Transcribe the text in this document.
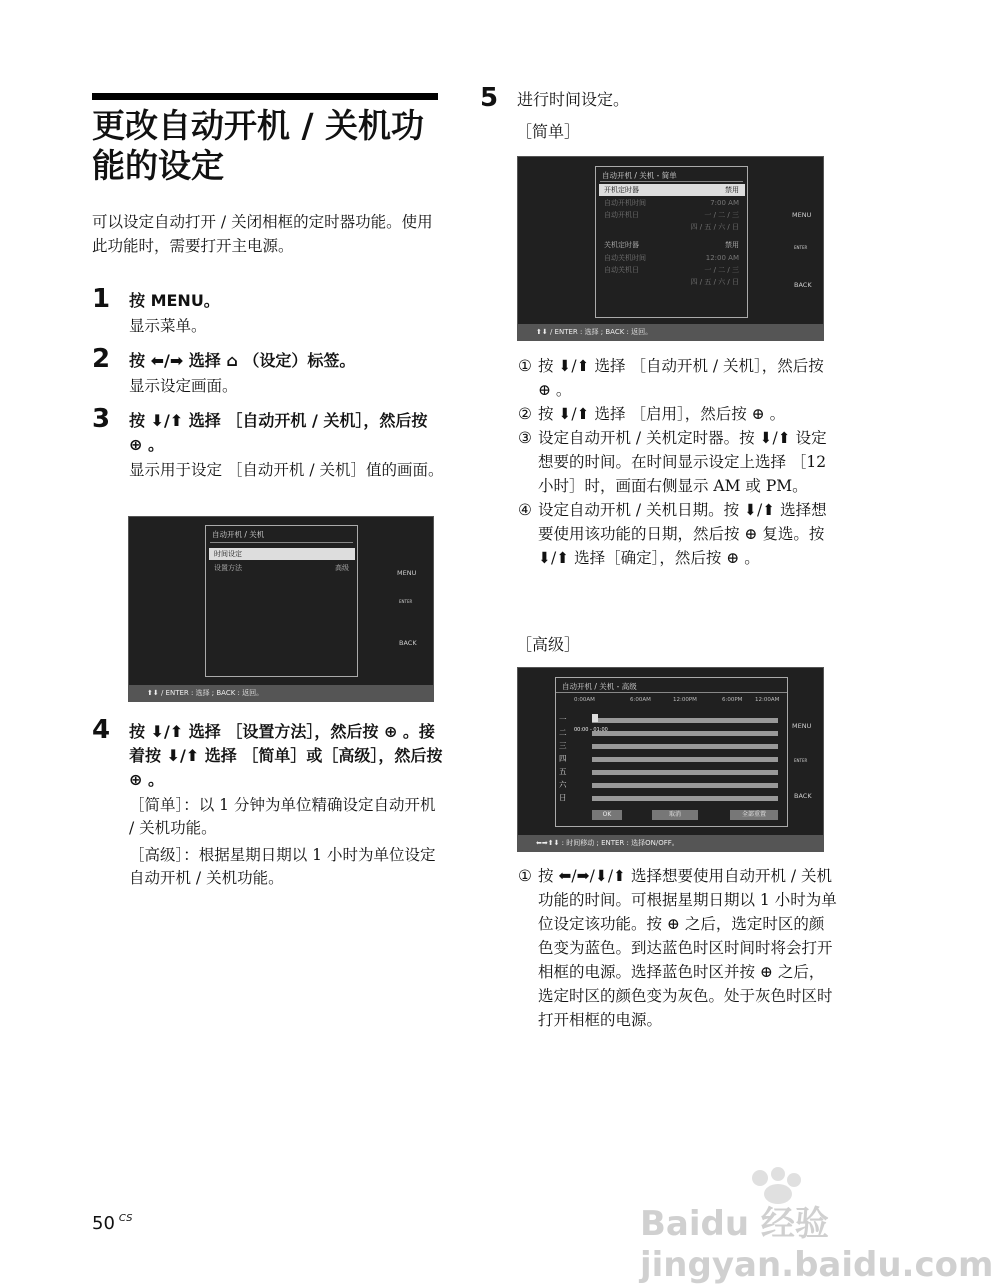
更改自动开机 / 关机功能的设定
可以设定自动打开 / 关闭相框的定时器功能。使用此功能时，需要打开主电源。
1 按 MENU。
显示菜单。
2 按 ⬅/➡ 选择 ⌂ （设定）标签。
显示设定画面。
3 按 ⬇/⬆ 选择 ［自动开机 / 关机］，然后按 ⊕ 。
显示用于设定 ［自动开机 / 关机］值的画面。
自动开机 / 关机
时间设定
设置方法	高级
MENU
ENTER
BACK
⬆⬇ / ENTER : 选择 ; BACK : 返回。
4 按 ⬇/⬆ 选择 ［设置方法］，然后按 ⊕ 。接着按 ⬇/⬆ 选择 ［简单］或［高级］，然后按 ⊕ 。
［简单］：以 1 分钟为单位精确设定自动开机 / 关机功能。
［高级］：根据星期日期以 1 小时为单位设定自动开机 / 关机功能。
5 进行时间设定。
［简单］
自动开机 / 关机 - 简单
开机定时器	禁用
自动开机时间	7:00 AM
自动开机日	一 / 二 / 三
四 / 五 / 六 / 日
关机定时器	禁用
自动关机时间	12:00 AM
自动关机日	一 / 二 / 三
四 / 五 / 六 / 日
MENU
ENTER
BACK
⬆⬇ / ENTER : 选择 ; BACK : 返回。
① 按 ⬇/⬆ 选择 ［自动开机 / 关机］，然后按 ⊕ 。
② 按 ⬇/⬆ 选择 ［启用］，然后按 ⊕ 。
③ 设定自动开机 / 关机定时器。按 ⬇/⬆ 设定想要的时间。在时间显示设定上选择 ［12 小时］时，画面右侧显示 AM 或 PM。
④ 设定自动开机 / 关机日期。按 ⬇/⬆ 选择想要使用该功能的日期，然后按 ⊕ 复选。按 ⬇/⬆ 选择［确定］，然后按 ⊕ 。
［高级］
自动开机 / 关机 - 高级
0:00AM	6:00AM	12:00PM	6:00PM 12:00AM
一
二
三
四
五
六
日
00:00 - 01:00
OK	取消	全部重置
MENU
ENTER
BACK
⬅➡⬆⬇ : 时间移动 ; ENTER : 选择ON/OFF。
① 按 ⬅/➡/⬇/⬆ 选择想要使用自动开机 / 关机功能的时间。可根据星期日期以 1 小时为单位设定该功能。按 ⊕ 之后，选定时区的颜色变为蓝色。到达蓝色时区时间时将会打开相框的电源。选择蓝色时区并按 ⊕ 之后，选定时区的颜色变为灰色。处于灰色时区时打开相框的电源。
50 $^{CS}$	Baidu 经验 jingyan.baidu.com
